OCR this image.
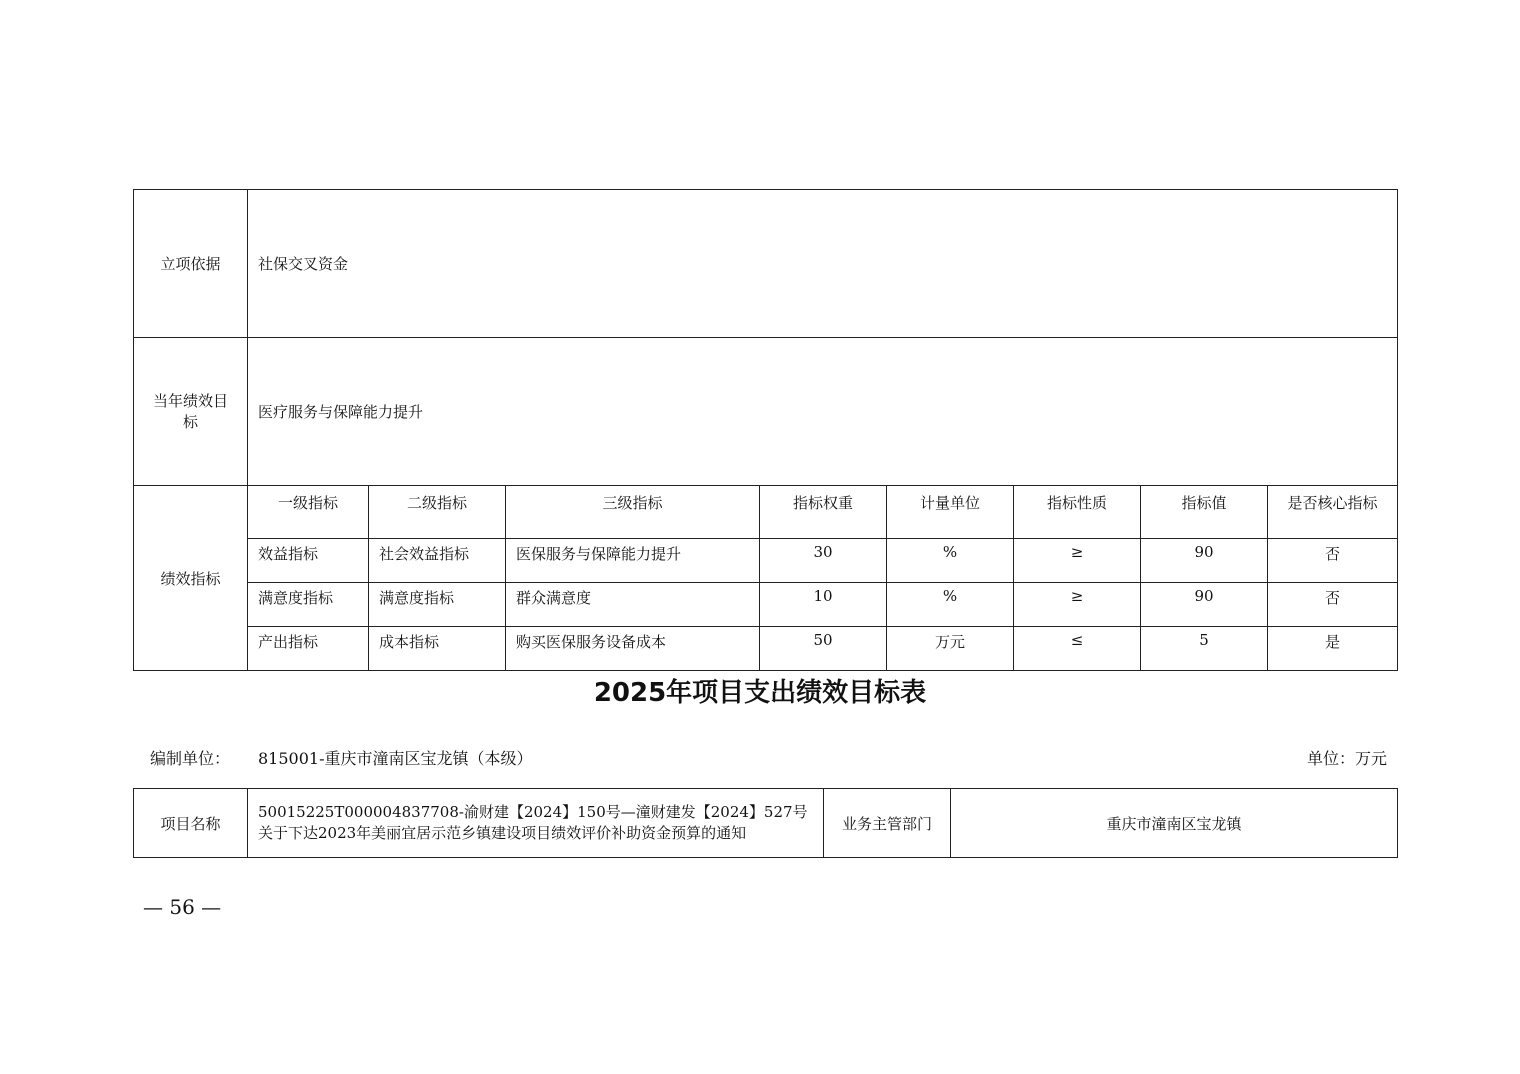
立项依据	社保交叉资金							
当年绩效目标	医疗服务与保障能力提升							
绩效指标	一级指标	二级指标	三级指标	指标权重	计量单位	指标性质	指标值	是否核心指标
	效益指标	社会效益指标	医保服务与保障能力提升	30	%	≥	90	否
	满意度指标	满意度指标	群众满意度	10	%	≥	90	否
	产出指标	成本指标	购买医保服务设备成本	50	万元	≤	5	是
2025年项目支出绩效目标表
编制单位： 815001-重庆市潼南区宝龙镇（本级）	单位：万元
项目名称	50015225T000004837708-渝财建【2024】150号—潼财建发【2024】527号关于下达2023年美丽宜居示范乡镇建设项目绩效评价补助资金预算的通知	业务主管部门	重庆市潼南区宝龙镇
— 56 —
